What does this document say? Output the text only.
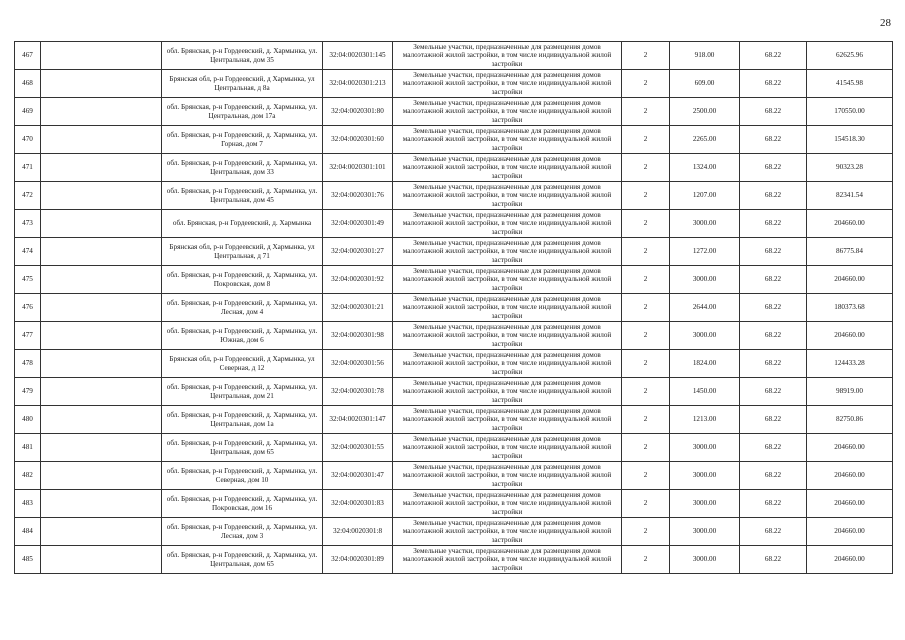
28
467		обл. Брянская, р-н Гордеевский, д. Хармынка, ул. Центральная, дом 35	32:04:0020301:145	Земельные участки, предназначенные для размещения домов малоэтажной жилой застройки, в том числе индивидуальной жилой застройки	2	918.00	68.22	62625.96
468		Брянская обл, р-н Гордеевский, д Хармынка, ул Центральная, д 8а	32:04:0020301:213	Земельные участки, предназначенные для размещения домов малоэтажной жилой застройки, в том числе индивидуальной жилой застройки	2	609.00	68.22	41545.98
469		обл. Брянская, р-н Гордеевский, д. Хармынка, ул. Центральная, дом 17а	32:04:0020301:80	Земельные участки, предназначенные для размещения домов малоэтажной жилой застройки, в том числе индивидуальной жилой застройки	2	2500.00	68.22	170550.00
470		обл. Брянская, р-н Гордеевский, д. Хармынка, ул. Горная, дом 7	32:04:0020301:60	Земельные участки, предназначенные для размещения домов малоэтажной жилой застройки, в том числе индивидуальной жилой застройки	2	2265.00	68.22	154518.30
471		обл. Брянская, р-н Гордеевский, д. Хармынка, ул. Центральная, дом 33	32:04:0020301:101	Земельные участки, предназначенные для размещения домов малоэтажной жилой застройки, в том числе индивидуальной жилой застройки	2	1324.00	68.22	90323.28
472		обл. Брянская, р-н Гордеевский, д. Хармынка, ул. Центральная, дом 45	32:04:0020301:76	Земельные участки, предназначенные для размещения домов малоэтажной жилой застройки, в том числе индивидуальной жилой застройки	2	1207.00	68.22	82341.54
473		обл. Брянская, р-н Гордеевский, д. Хармынка	32:04:0020301:49	Земельные участки, предназначенные для размещения домов малоэтажной жилой застройки, в том числе индивидуальной жилой застройки	2	3000.00	68.22	204660.00
474		Брянская обл, р-н Гордеевский, д Хармынка, ул Центральная, д 71	32:04:0020301:27	Земельные участки, предназначенные для размещения домов малоэтажной жилой застройки, в том числе индивидуальной жилой застройки	2	1272.00	68.22	86775.84
475		обл. Брянская, р-н Гордеевский, д. Хармынка, ул. Покровская, дом 8	32:04:0020301:92	Земельные участки, предназначенные для размещения домов малоэтажной жилой застройки, в том числе индивидуальной жилой застройки	2	3000.00	68.22	204660.00
476		обл. Брянская, р-н Гордеевский, д. Хармынка, ул. Лесная, дом 4	32:04:0020301:21	Земельные участки, предназначенные для размещения домов малоэтажной жилой застройки, в том числе индивидуальной жилой застройки	2	2644.00	68.22	180373.68
477		обл. Брянская, р-н Гордеевский, д. Хармынка, ул. Южная, дом 6	32:04:0020301:98	Земельные участки, предназначенные для размещения домов малоэтажной жилой застройки, в том числе индивидуальной жилой застройки	2	3000.00	68.22	204660.00
478		Брянская обл, р-н Гордеевский, д Хармынка, ул Северная, д 12	32:04:0020301:56	Земельные участки, предназначенные для размещения домов малоэтажной жилой застройки, в том числе индивидуальной жилой застройки	2	1824.00	68.22	124433.28
479		обл. Брянская, р-н Гордеевский, д. Хармынка, ул. Центральная, дом 21	32:04:0020301:78	Земельные участки, предназначенные для размещения домов малоэтажной жилой застройки, в том числе индивидуальной жилой застройки	2	1450.00	68.22	98919.00
480		обл. Брянская, р-н Гордеевский, д. Хармынка, ул. Центральная, дом 1а	32:04:0020301:147	Земельные участки, предназначенные для размещения домов малоэтажной жилой застройки, в том числе индивидуальной жилой застройки	2	1213.00	68.22	82750.86
481		обл. Брянская, р-н Гордеевский, д. Хармынка, ул. Центральная, дом 65	32:04:0020301:55	Земельные участки, предназначенные для размещения домов малоэтажной жилой застройки, в том числе индивидуальной жилой застройки	2	3000.00	68.22	204660.00
482		обл. Брянская, р-н Гордеевский, д. Хармынка, ул. Северная, дом 10	32:04:0020301:47	Земельные участки, предназначенные для размещения домов малоэтажной жилой застройки, в том числе индивидуальной жилой застройки	2	3000.00	68.22	204660.00
483		обл. Брянская, р-н Гордеевский, д. Хармынка, ул. Покровская, дом 16	32:04:0020301:83	Земельные участки, предназначенные для размещения домов малоэтажной жилой застройки, в том числе индивидуальной жилой застройки	2	3000.00	68.22	204660.00
484		обл. Брянская, р-н Гордеевский, д. Хармынка, ул. Лесная, дом 3	32:04:0020301:8	Земельные участки, предназначенные для размещения домов малоэтажной жилой застройки, в том числе индивидуальной жилой застройки	2	3000.00	68.22	204660.00
485		обл. Брянская, р-н Гордеевский, д. Хармынка, ул. Центральная, дом 65	32:04:0020301:89	Земельные участки, предназначенные для размещения домов малоэтажной жилой застройки, в том числе индивидуальной жилой застройки	2	3000.00	68.22	204660.00
